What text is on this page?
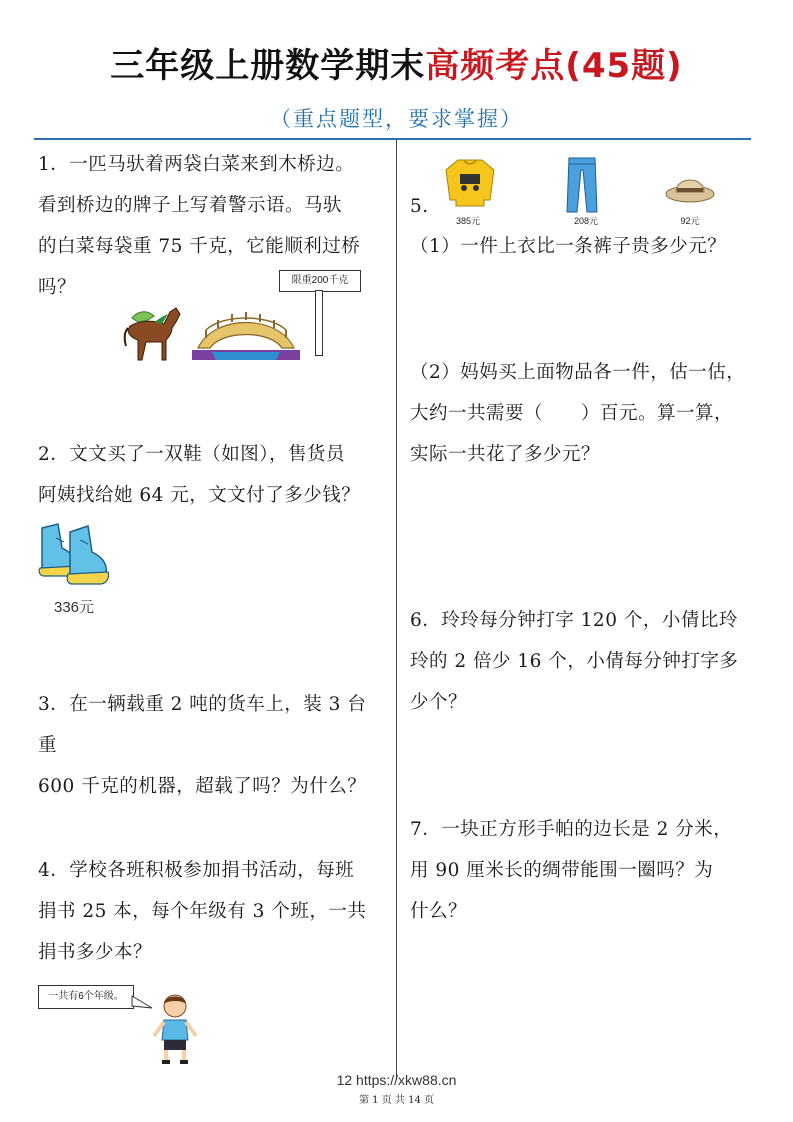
三年级上册数学期末高频考点(45题)
（重点题型，要求掌握）
1．一匹马驮着两袋白菜来到木桥边。
看到桥边的牌子上写着警示语。马驮
的白菜每袋重 75 千克，它能顺利过桥
吗？	限重200千克
2．文文买了一双鞋（如图），售货员
阿姨找给她 64 元，文文付了多少钱？
336元
3．在一辆载重 2 吨的货车上，装 3 台重
600 千克的机器，超载了吗？为什么？
4．学校各班积极参加捐书活动，每班
捐书 25 本，每个年级有 3 个班，一共
捐书多少本？
一共有6个年级。
385元	208元	92元
5.
（1）一件上衣比一条裤子贵多少元？
（2）妈妈买上面物品各一件，估一估，
大约一共需要（　　）百元。算一算，
实际一共花了多少元？
6．玲玲每分钟打字 120 个，小倩比玲
玲的 2 倍少 16 个，小倩每分钟打字多
少个？
7．一块正方形手帕的边长是 2 分米，
用 90 厘米长的绸带能围一圈吗？为
什么？
12 https://xkw88.cn
第 1 页 共 14 页
